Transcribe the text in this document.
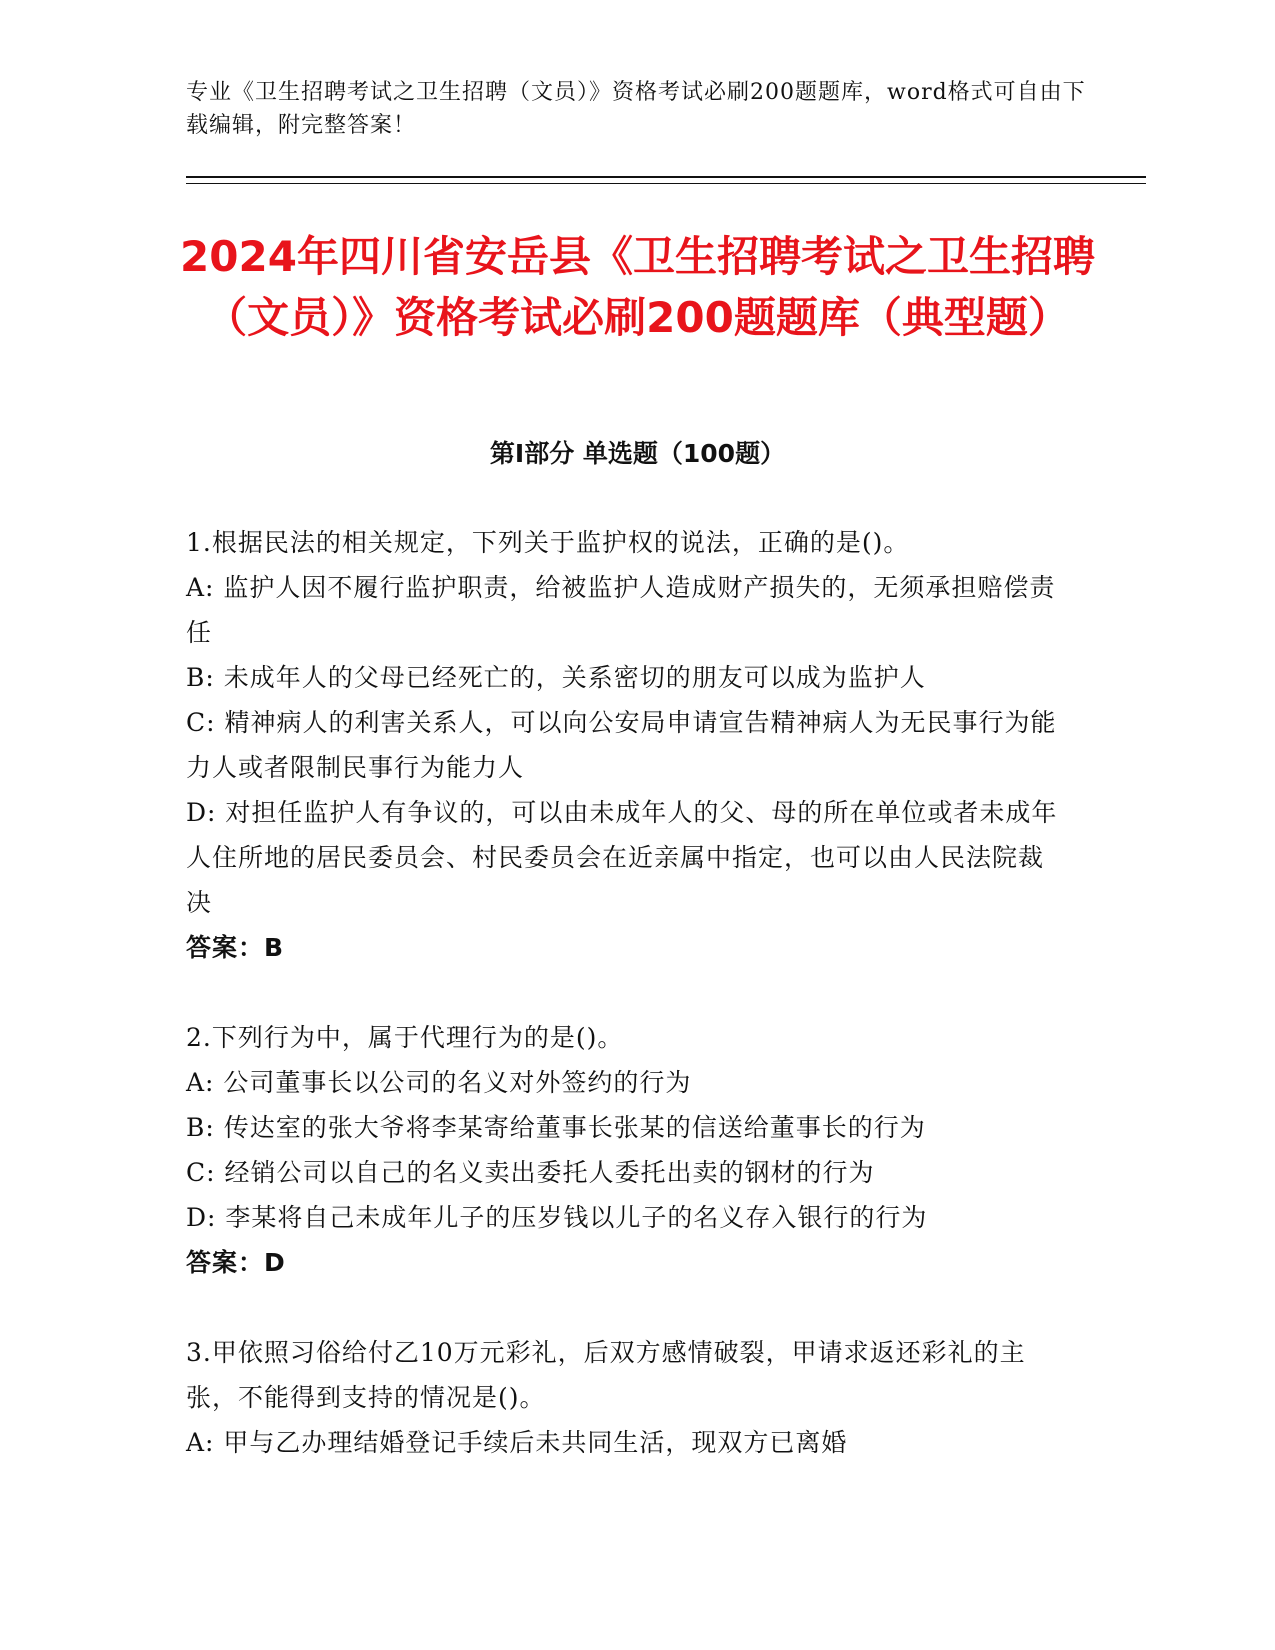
专业《卫生招聘考试之卫生招聘（文员）》资格考试必刷200题题库，word格式可自由下载编辑，附完整答案！
2024年四川省安岳县《卫生招聘考试之卫生招聘（文员）》资格考试必刷200题题库（典型题）
第I部分 单选题（100题）

1.根据民法的相关规定，下列关于监护权的说法，正确的是()。

A: 监护人因不履行监护职责，给被监护人造成财产损失的，无须承担赔偿责任

B: 未成年人的父母已经死亡的，关系密切的朋友可以成为监护人

C: 精神病人的利害关系人，可以向公安局申请宣告精神病人为无民事行为能力人或者限制民事行为能力人

D: 对担任监护人有争议的，可以由未成年人的父、母的所在单位或者未成年人住所地的居民委员会、村民委员会在近亲属中指定，也可以由人民法院裁决

答案：B

2.下列行为中，属于代理行为的是()。

A: 公司董事长以公司的名义对外签约的行为

B: 传达室的张大爷将李某寄给董事长张某的信送给董事长的行为

C: 经销公司以自己的名义卖出委托人委托出卖的钢材的行为

D: 李某将自己未成年儿子的压岁钱以儿子的名义存入银行的行为

答案：D

3.甲依照习俗给付乙10万元彩礼，后双方感情破裂，甲请求返还彩礼的主张，不能得到支持的情况是()。

A: 甲与乙办理结婚登记手续后未共同生活，现双方已离婚
